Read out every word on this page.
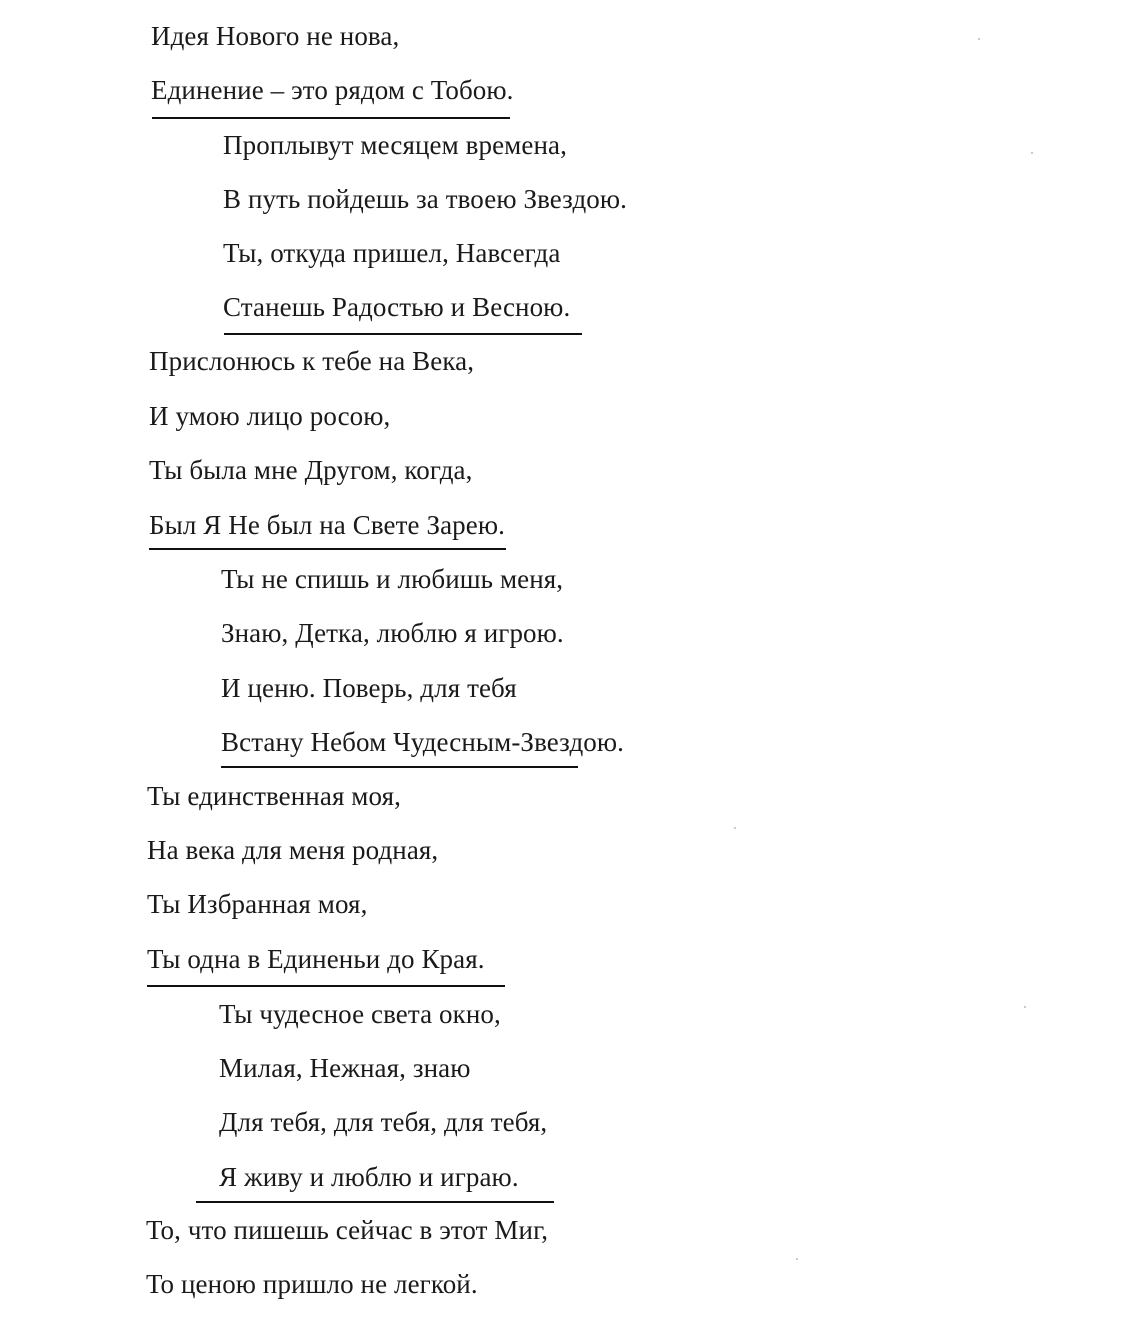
Идея Нового не нова,
Единение – это рядом с Тобою.
Проплывут месяцем времена,
В путь пойдешь за твоею Звездою.
Ты, откуда пришел, Навсегда
Станешь Радостью и Весною.
Прислонюсь к тебе на Века,
И умою лицо росою,
Ты была мне Другом, когда,
Был Я Не был на Свете Зарею.
Ты не спишь и любишь меня,
Знаю, Детка, люблю я игрою.
И ценю. Поверь, для тебя
Встану Небом Чудесным-Звездою.
Ты единственная моя,
На века для меня родная,
Ты Избранная моя,
Ты одна в Единеньи до Края.
Ты чудесное света окно,
Милая, Нежная, знаю
Для тебя, для тебя, для тебя,
Я живу и люблю и играю.
То, что пишешь сейчас в этот Миг,
То ценою пришло не легкой.
